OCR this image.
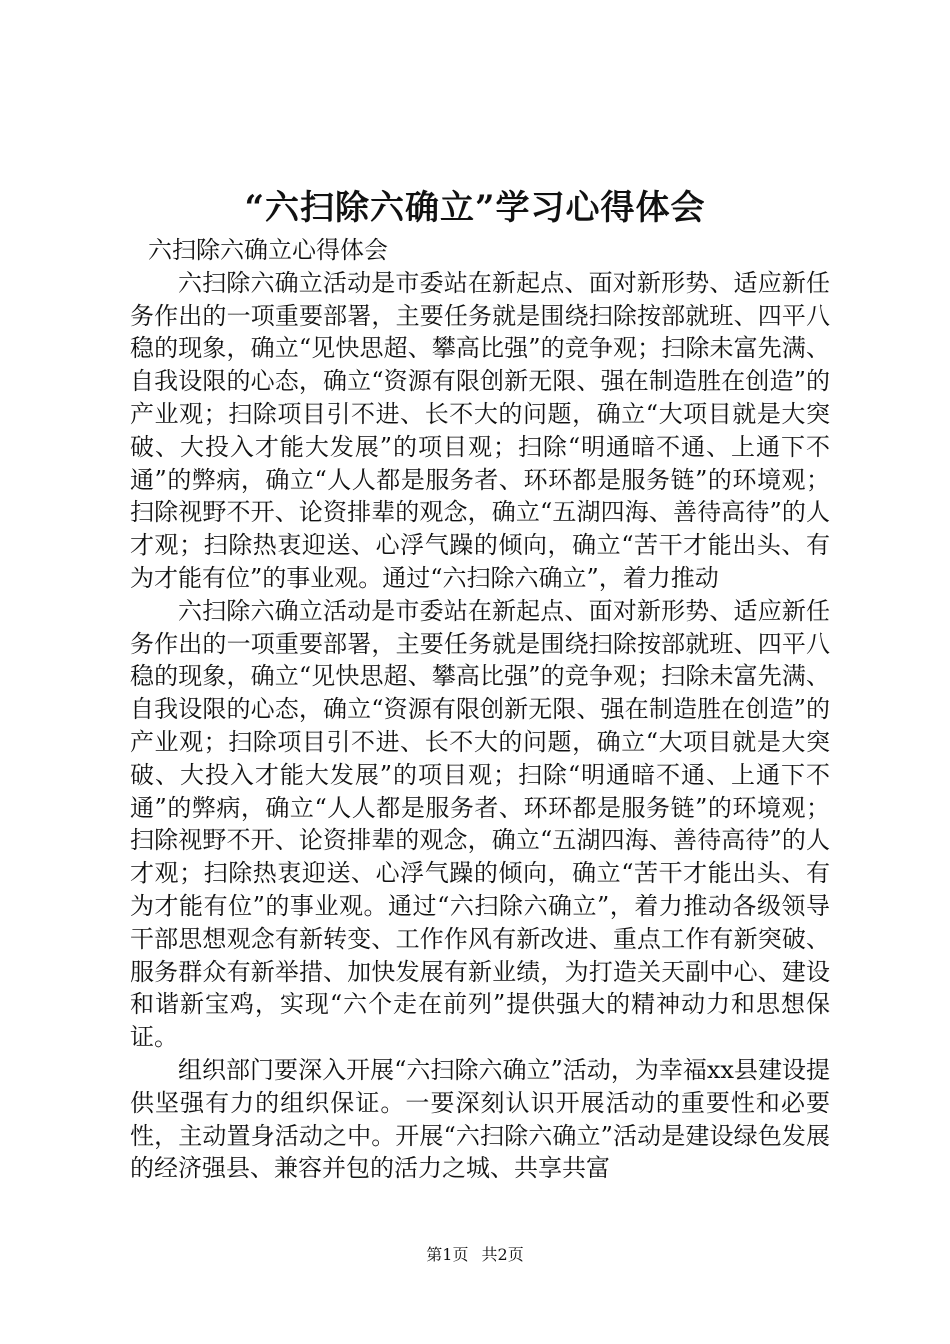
“六扫除六确立”学习心得体会

六扫除六确立心得体会

六扫除六确立活动是市委站在新起点、面对新形势、适应新任务作出的一项重要部署，主要任务就是围绕扫除按部就班、四平八稳的现象，确立“见快思超、攀高比强”的竞争观；扫除未富先满、自我设限的心态，确立“资源有限创新无限、强在制造胜在创造”的产业观；扫除项目引不进、长不大的问题，确立“大项目就是大突破、大投入才能大发展”的项目观；扫除“明通暗不通、上通下不通”的弊病，确立“人人都是服务者、环环都是服务链”的环境观；扫除视野不开、论资排辈的观念，确立“五湖四海、善待高待”的人才观；扫除热衷迎送、心浮气躁的倾向，确立“苦干才能出头、有为才能有位”的事业观。通过“六扫除六确立”，着力推动

六扫除六确立活动是市委站在新起点、面对新形势、适应新任务作出的一项重要部署，主要任务就是围绕扫除按部就班、四平八稳的现象，确立“见快思超、攀高比强”的竞争观；扫除未富先满、自我设限的心态，确立“资源有限创新无限、强在制造胜在创造”的产业观；扫除项目引不进、长不大的问题，确立“大项目就是大突破、大投入才能大发展”的项目观；扫除“明通暗不通、上通下不通”的弊病，确立“人人都是服务者、环环都是服务链”的环境观；扫除视野不开、论资排辈的观念，确立“五湖四海、善待高待”的人才观；扫除热衷迎送、心浮气躁的倾向，确立“苦干才能出头、有为才能有位”的事业观。通过“六扫除六确立”，着力推动各级领导干部思想观念有新转变、工作作风有新改进、重点工作有新突破、服务群众有新举措、加快发展有新业绩，为打造关天副中心、建设和谐新宝鸡，实现“六个走在前列”提供强大的精神动力和思想保证。

组织部门要深入开展“六扫除六确立”活动，为幸福xx县建设提供坚强有力的组织保证。一要深刻认识开展活动的重要性和必要性，主动置身活动之中。开展“六扫除六确立”活动是建设绿色发展的经济强县、兼容并包的活力之城、共享共富

第1页 共2页
